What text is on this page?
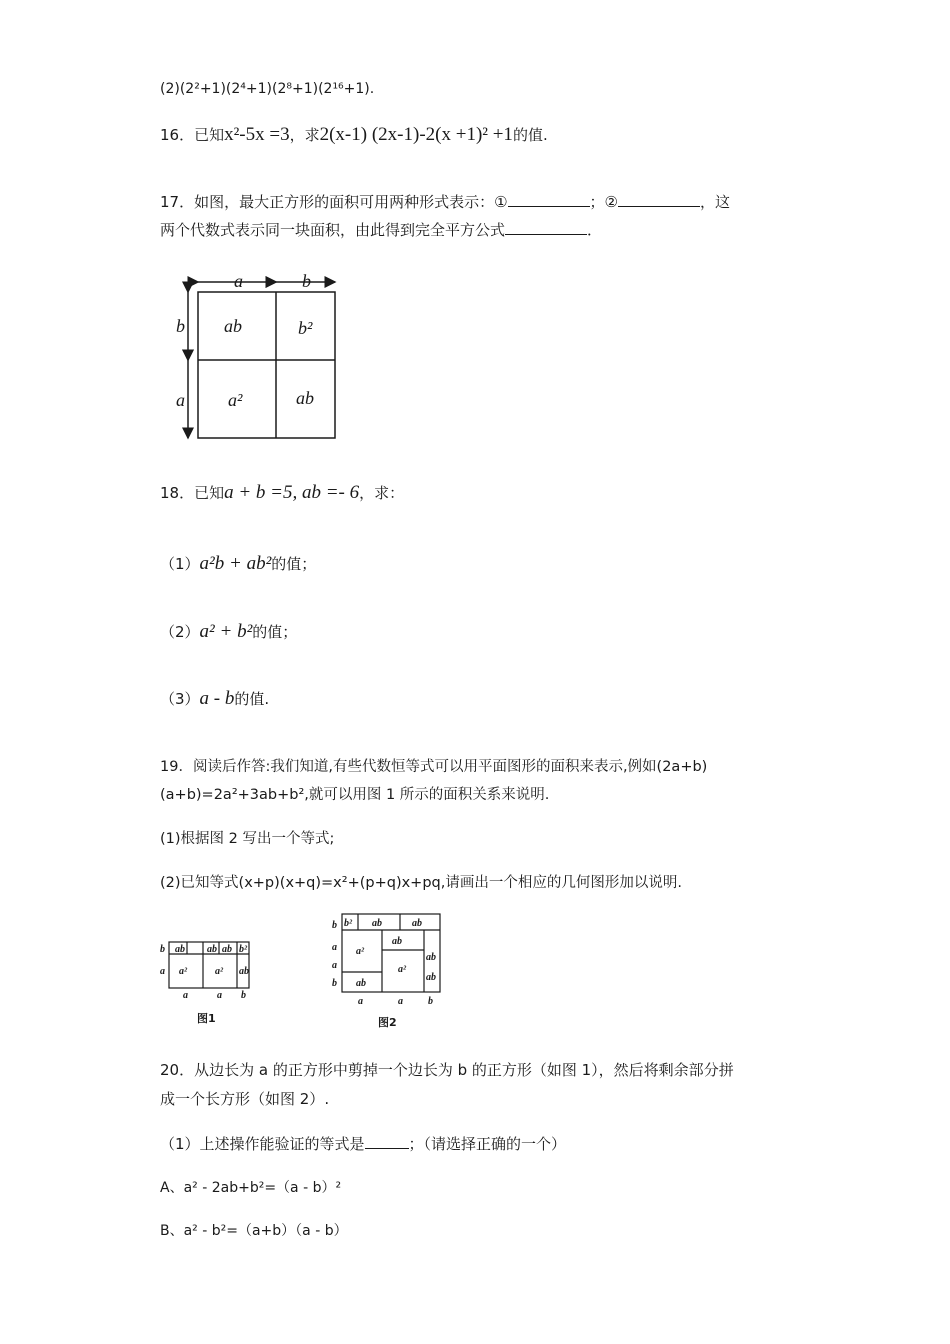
(2)(2²+1)(2⁴+1)(2⁸+1)(2¹⁶+1).
16．已知x²-5x =3，求2(x-1) (2x-1)-2(x +1)² +1的值.
17．如图，最大正方形的面积可用两种形式表示：①	；②	，这
两个代数式表示同一块面积，由此得到完全平方公式	．
a	b
b
a
ab	b²
a²	ab
18．已知a + b =5, ab =- 6，求：
（1）a²b + ab²的值；
（2）a² + b²的值；
（3）a - b的值.
19．阅读后作答:我们知道,有些代数恒等式可以用平面图形的面积来表示,例如(2a+b)
(a+b)=2a²+3ab+b²,就可以用图 1 所示的面积关系来说明.
(1)根据图 2 写出一个等式;
(2)已知等式(x+p)(x+q)=x²+(p+q)x+pq,请画出一个相应的几何图形加以说明.
b
a
ab ab ab b²
a²	a² ab
a	a b
图1
b
a
a
b
b² ab	ab
ab
a²
a²
ab
ab
ab
a	a	b
图2
20．从边长为 a 的正方形中剪掉一个边长为 b 的正方形（如图 1），然后将剩余部分拼
成一个长方形（如图 2）.
（1）上述操作能验证的等式是	；（请选择正确的一个）
A、a² - 2ab+b²=（a - b）²
B、a² - b²=（a+b）（a - b）
